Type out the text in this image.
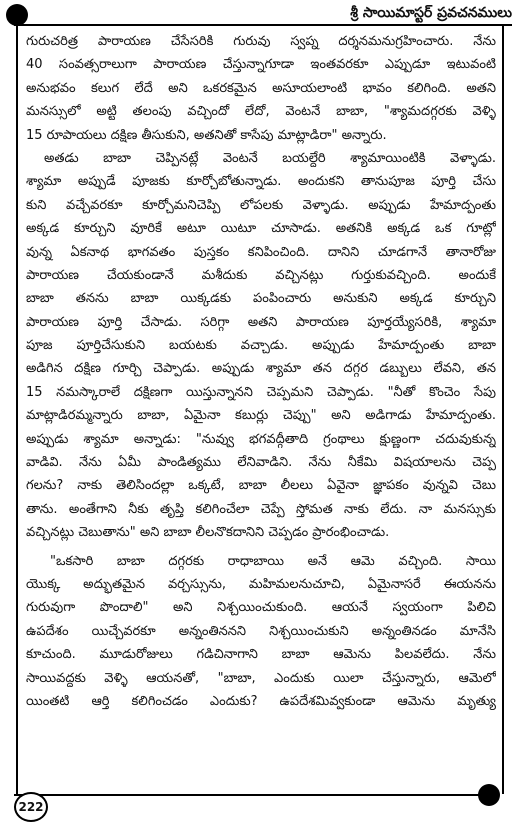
శ్రీ సాయిమాస్టర్ ప్రవచనములు
గురుచరిత్ర పారాయణ చేసేసరికి గురువు స్వప్న దర్శనమనుగ్రహించారు. నేను
40 సంవత్సరాలుగా పారాయణ చేస్తున్నాగూడా ఇంతవరకూ ఎప్పుడూ ఇటువంటి
అనుభవం కలుగ లేదే అని ఒకరకమైన అసూయలాంటి భావం కలిగింది. అతని
మనస్సులో అట్టి తలంపు వచ్చిందో లేదో, వెంటనే బాబా, "శ్యామదగ్గరకు వెళ్ళి
15 రూపాయలు దక్షిణ తీసుకుని, అతనితో కాసేపు మాట్లాడిరా" అన్నారు.
అతడు బాబా చెప్పినట్లే వెంటనే బయల్దేరి శ్యామాయింటికి వెళ్ళాడు.
శ్యామా అప్పుడే పూజకు కూర్చోబోతున్నాడు. అందుకని తానుపూజ పూర్తి చేసు
కుని వచ్చేవరకూ కూర్చోమనిచెప్పి లోపలకు వెళ్ళాడు. అప్పుడు హేమాద్పంతు
అక్కడ కూర్చుని వూరికే అటూ యిటూ చూసాడు. అతనికి అక్కడ ఒక గూట్లో
వున్న ఏకనాథ భాగవతం పుస్తకం కనిపించింది. దానిని చూడగానే తానారోజు
పారాయణ చేయకుండానే మశీదుకు వచ్చినట్లు గుర్తుకువచ్చింది. అందుకే
బాబా తనను బాబా యిక్కడకు పంపించారు అనుకుని అక్కడ కూర్చుని
పారాయణ పూర్తి చేసాడు. సరిగ్గా అతని పారాయణ పూర్తయ్యేసరికి, శ్యామా
పూజ పూర్తిచేసుకుని బయటకు వచ్చాడు. అప్పుడు హేమాద్పంతు బాబా
అడిగిన దక్షిణ గూర్చి చెప్పాడు. అప్పుడు శ్యామా తన దగ్గర డబ్బులు లేవని, తన
15 నమస్కారాలే దక్షిణగా యిస్తున్నానని చెప్పమని చెప్పాడు. "నీతో కొంచెం సేపు
మాట్లాడిరమ్మన్నారు బాబా, ఏమైనా కబుర్లు చెప్పు" అని అడిగాడు హేమాద్పంతు.
అప్పుడు శ్యామా అన్నాడు: "నువ్వు భగవద్గీతాది గ్రంథాలు క్షుణ్ణంగా చదువుకున్న
వాడివి. నేను ఏమీ పాండిత్యము లేనివాడిని. నేను నీకేమి విషయాలను చెప్ప
గలను? నాకు తెలిసిందల్లా ఒక్కటే, బాబా లీలలు ఏవైనా జ్ఞాపకం వున్నవి చెబు
తాను. అంతేగాని నీకు తృప్తి కలిగించేలా చెప్పే స్తోమత నాకు లేదు. నా మనస్సుకు
వచ్చినట్లు చెబుతాను" అని బాబా లీలనొకదానిని చెప్పడం ప్రారంభించాడు.
"ఒకసారి బాబా దగ్గరకు రాధాబాయి అనే ఆమె వచ్చింది. సాయి
యొక్క అద్భుతమైన వర్చస్సును, మహిమలనుచూచి, ఏమైనాసరే ఈయనను
గురువుగా పొందాలి" అని నిశ్చయించుకుంది. ఆయనే స్వయంగా పిలిచి
ఉపదేశం యిచ్చేవరకూ అన్నంతిననని నిశ్చయించుకుని అన్నంతినడం మానేసి
కూచుంది. మూడురోజులు గడిచినాగాని బాబా ఆమెను పిలవలేదు. నేను
సాయివద్దకు వెళ్ళి ఆయనతో, "బాబా, ఎందుకు యిలా చేస్తున్నారు, ఆమెలో
యింతటి ఆర్తి కలిగించడం ఎందుకు? ఉపదేశమివ్వకుండా ఆమెను మృత్యు
222
